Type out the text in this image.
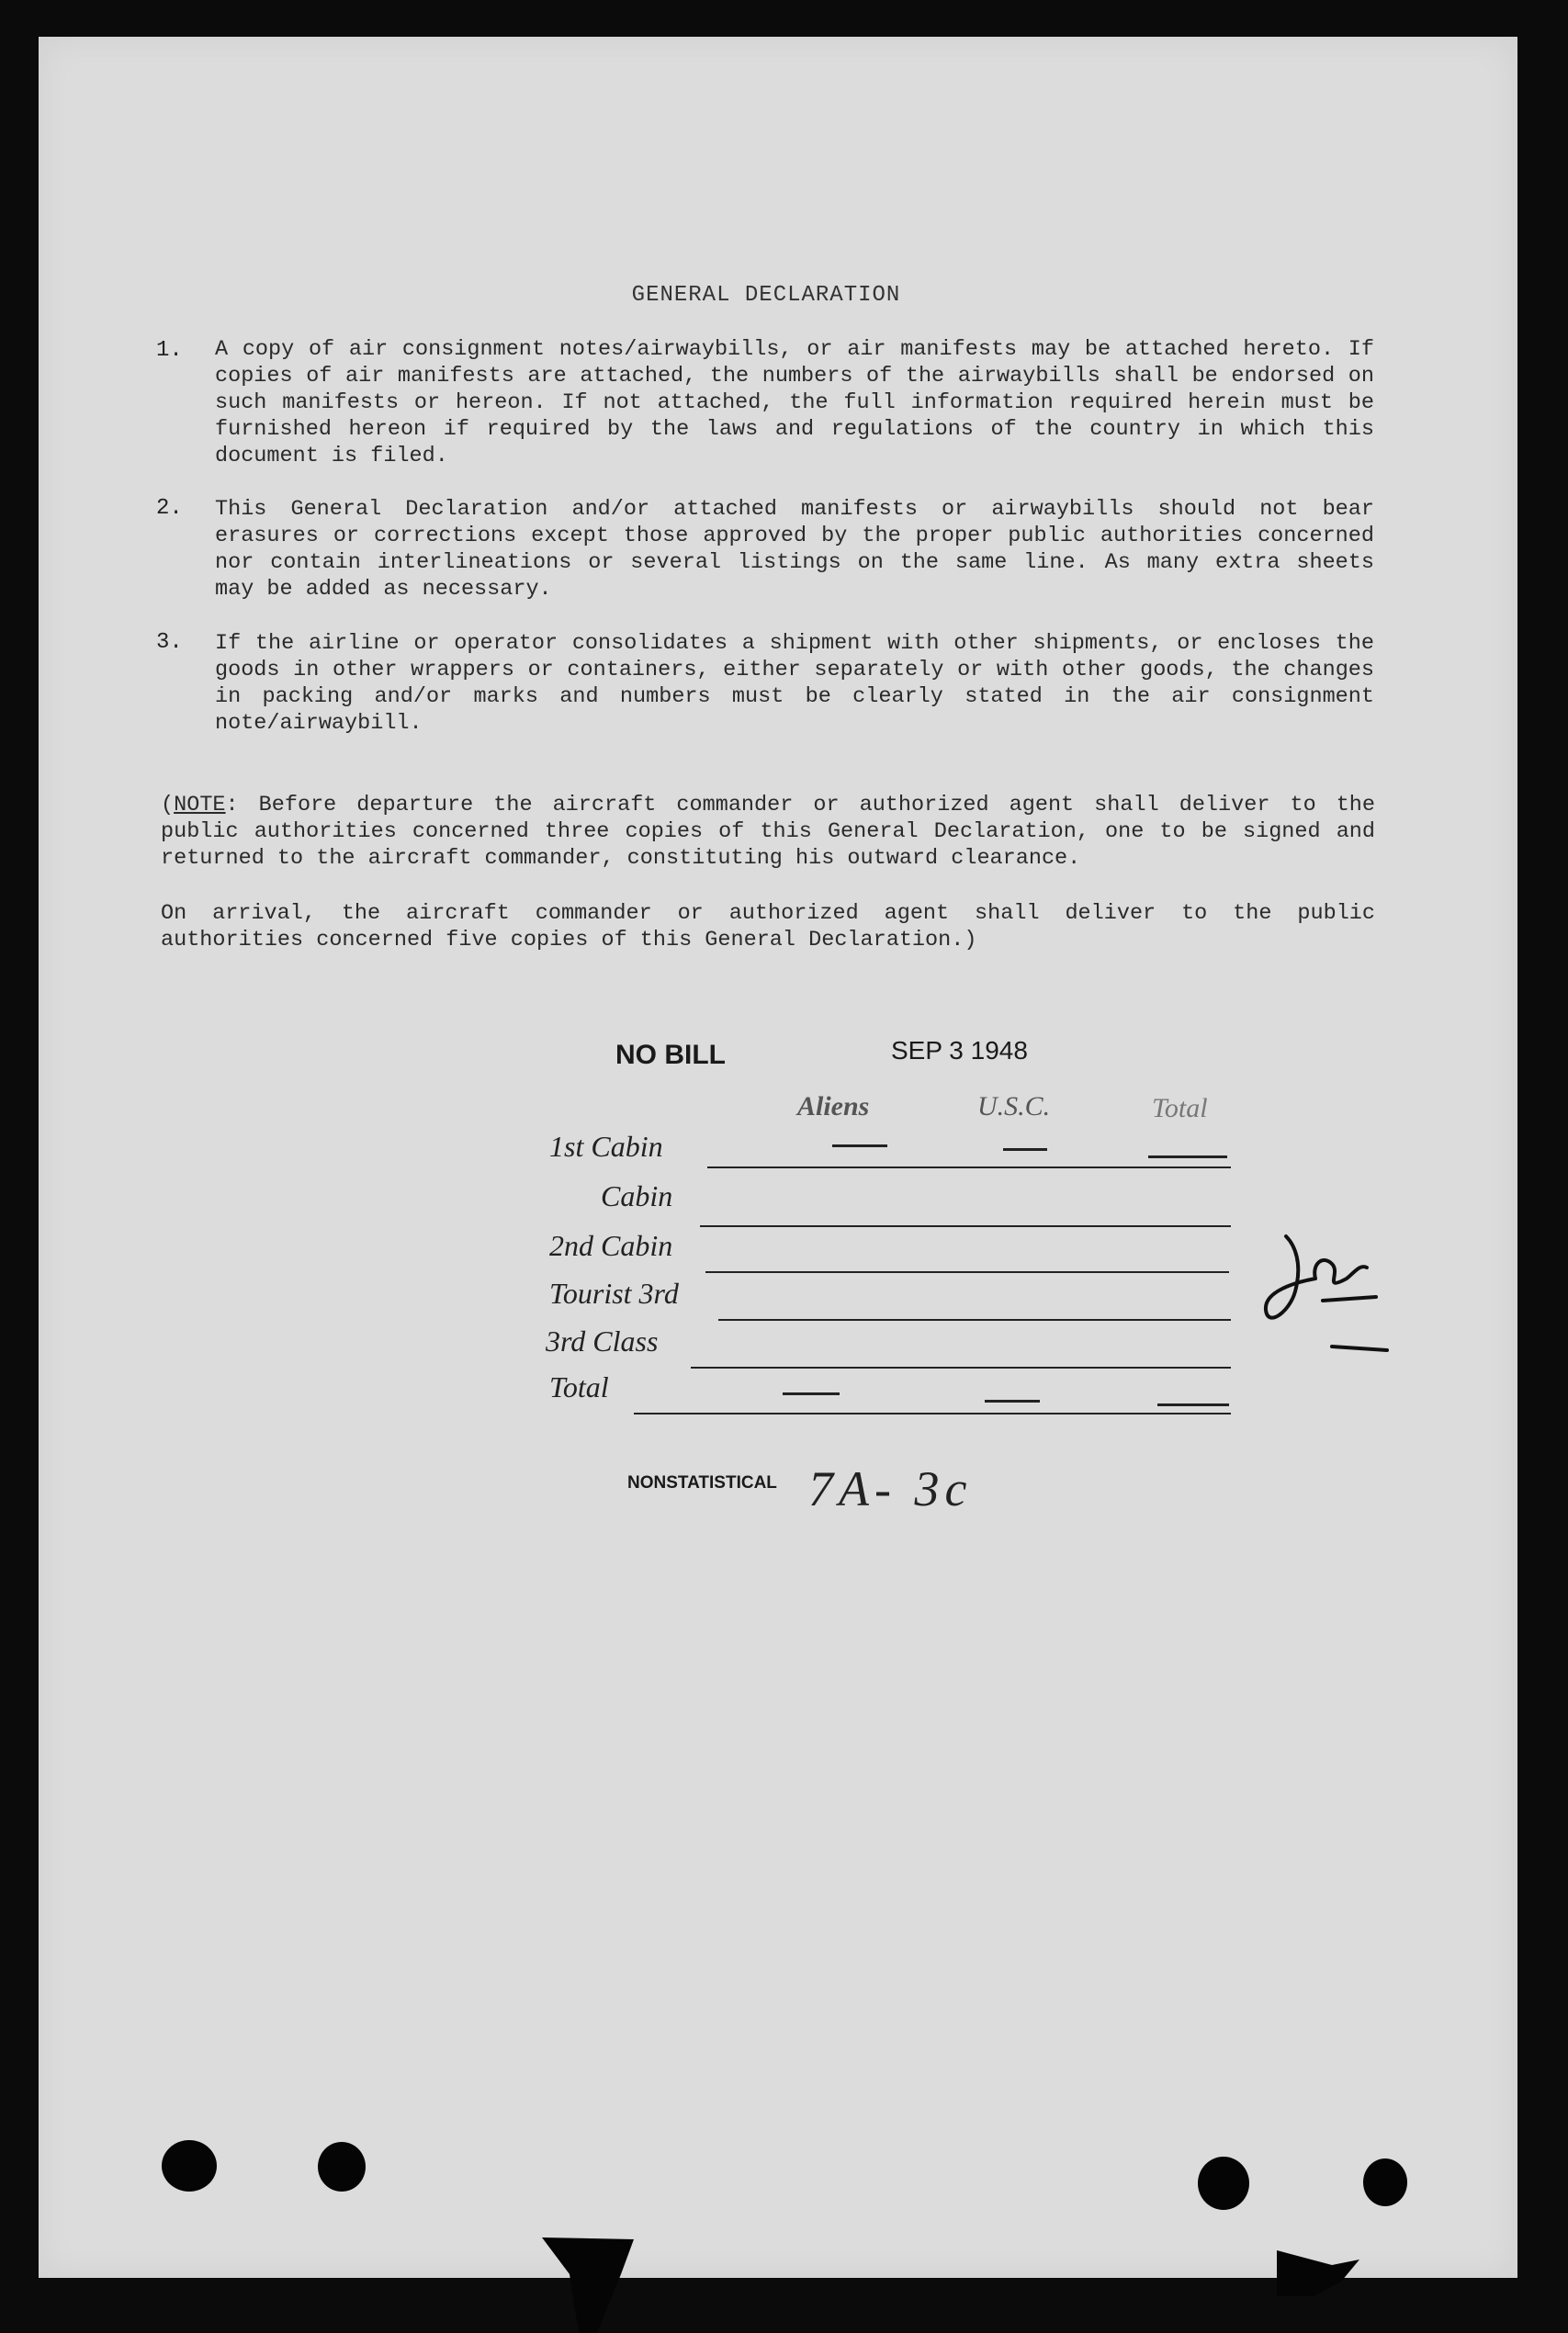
GENERAL DECLARATION
1. A copy of air consignment notes/airwaybills, or air manifests may be attached hereto. If copies of air manifests are attached, the numbers of the airwaybills shall be endorsed on such manifests or hereon. If not attached, the full information required herein must be furnished hereon if required by the laws and regulations of the country in which this document is filed.
2. This General Declaration and/or attached manifests or airwaybills should not bear erasures or corrections except those approved by the proper public authorities concerned nor contain interlineations or several listings on the same line. As many extra sheets may be added as necessary.
3. If the airline or operator consolidates a shipment with other shipments, or encloses the goods in other wrappers or containers, either separately or with other goods, the changes in packing and/or marks and numbers must be clearly stated in the air consignment note/airwaybill.
(NOTE: Before departure the aircraft commander or authorized agent shall deliver to the public authorities concerned three copies of this General Declaration, one to be signed and returned to the aircraft commander, constituting his outward clearance.
On arrival, the aircraft commander or authorized agent shall deliver to the public authorities concerned five copies of this General Declaration.)
NO BILL	SEP 3 1948
Aliens	U.S.C.	Total
1st Cabin
Cabin
2nd Cabin
Tourist 3rd
3rd Class
Total
NONSTATISTICAL 7A- 3c
